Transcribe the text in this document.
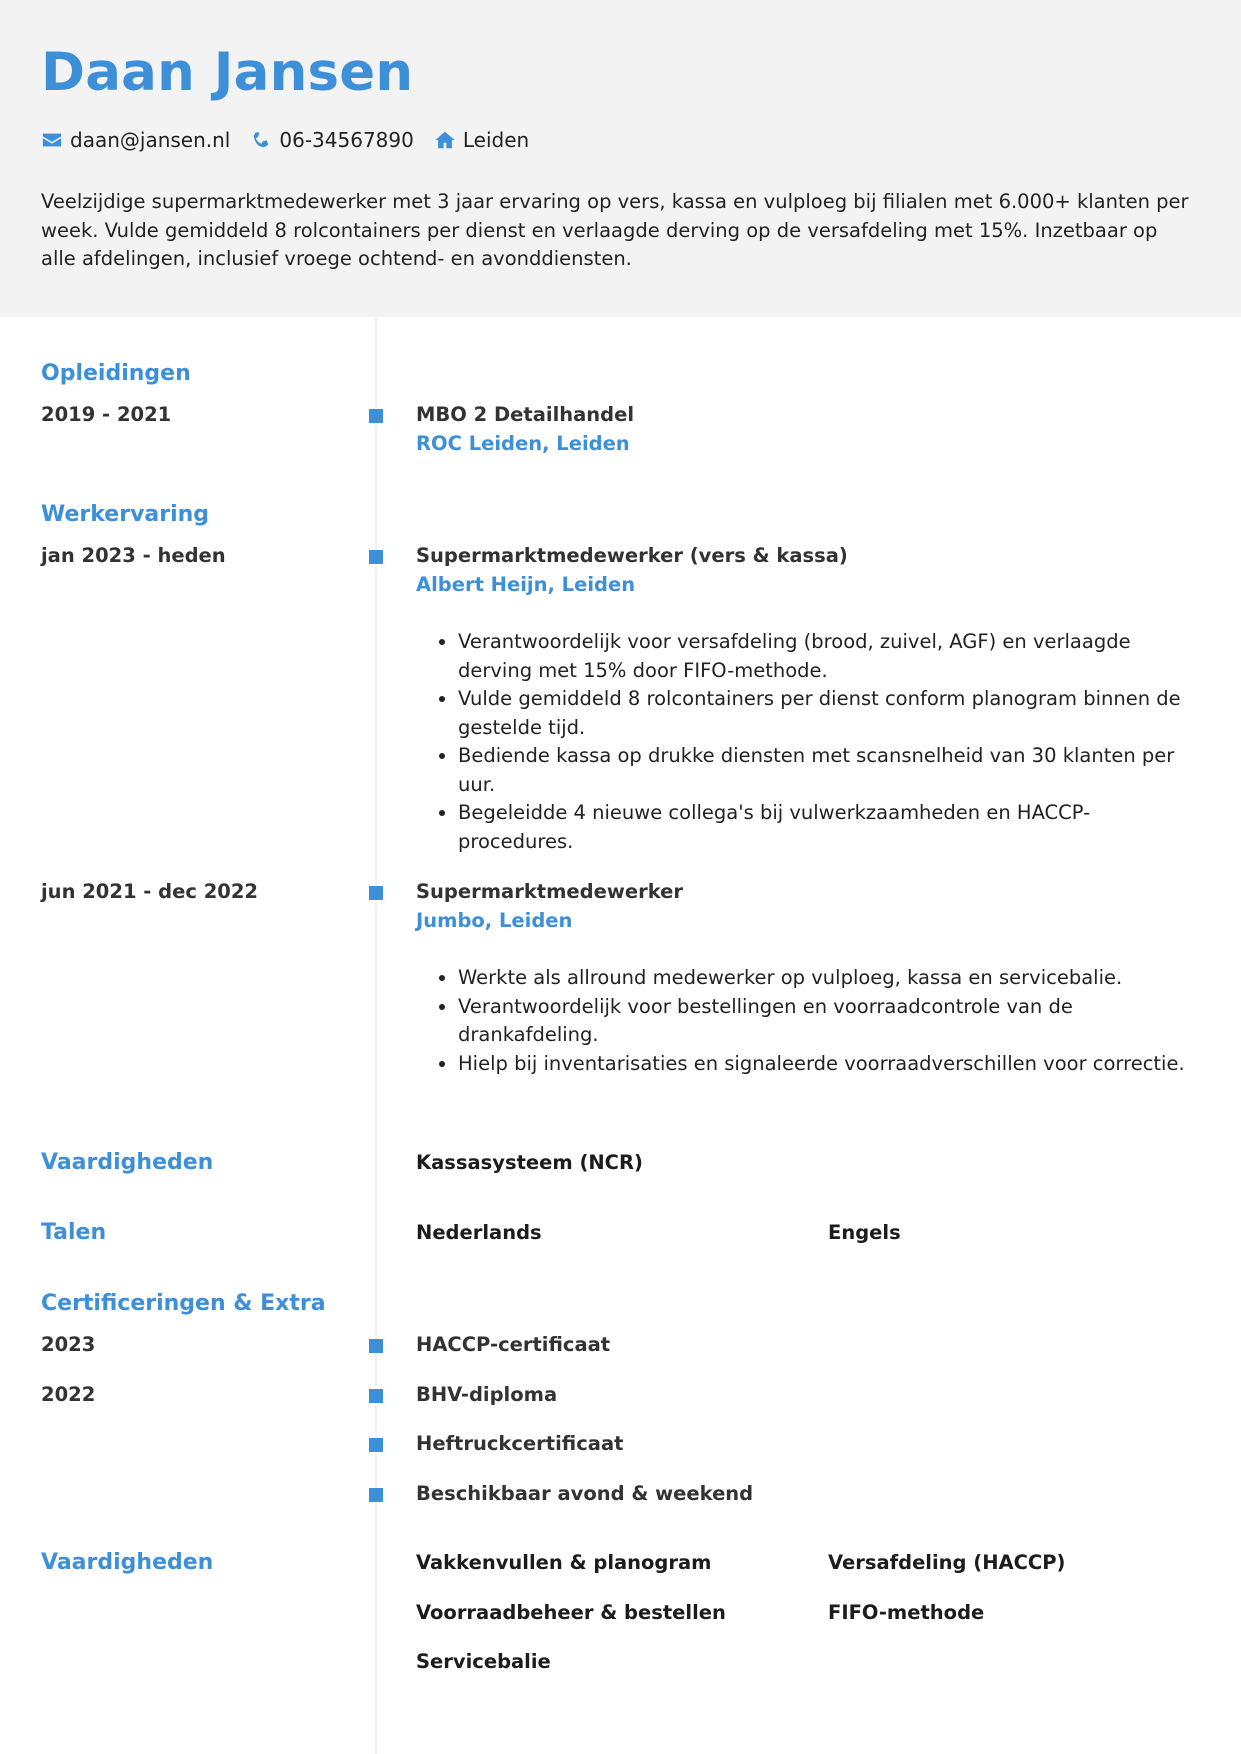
Daan Jansen
daan@jansen.nl 06-34567890 Leiden

Veelzijdige supermarktmedewerker met 3 jaar ervaring op vers, kassa en vulploeg bij filialen met 6.000+ klanten per week. Vulde gemiddeld 8 rolcontainers per dienst en verlaagde derving op de versafdeling met 15%. Inzetbaar op alle afdelingen, inclusief vroege ochtend- en avonddiensten.

Opleidingen
2019 - 2021	MBO 2 Detailhandel
ROC Leiden, Leiden
Werkervaring
jan 2023 - heden	Supermarktmedewerker (vers & kassa)
Albert Heijn, Leiden
• Verantwoordelijk voor versafdeling (brood, zuivel, AGF) en verlaagde derving met 15% door FIFO-methode.
• Vulde gemiddeld 8 rolcontainers per dienst conform planogram binnen de gestelde tijd.
• Bediende kassa op drukke diensten met scansnelheid van 30 klanten per uur.
• Begeleidde 4 nieuwe collega's bij vulwerkzaamheden en HACCP-procedures.
jun 2021 - dec 2022	Supermarktmedewerker
Jumbo, Leiden
• Werkte als allround medewerker op vulploeg, kassa en servicebalie.
• Verantwoordelijk voor bestellingen en voorraadcontrole van de drankafdeling.
• Hielp bij inventarisaties en signaleerde voorraadverschillen voor correctie.
Vaardigheden	Kassasysteem (NCR)
Talen	Nederlands	Engels
Certificeringen & Extra
2023	HACCP-certificaat
2022	BHV-diploma
Heftruckcertificaat
Beschikbaar avond & weekend
Vaardigheden	Vakkenvullen & planogram	Versafdeling (HACCP)
Voorraadbeheer & bestellen	FIFO-methode
Servicebalie
